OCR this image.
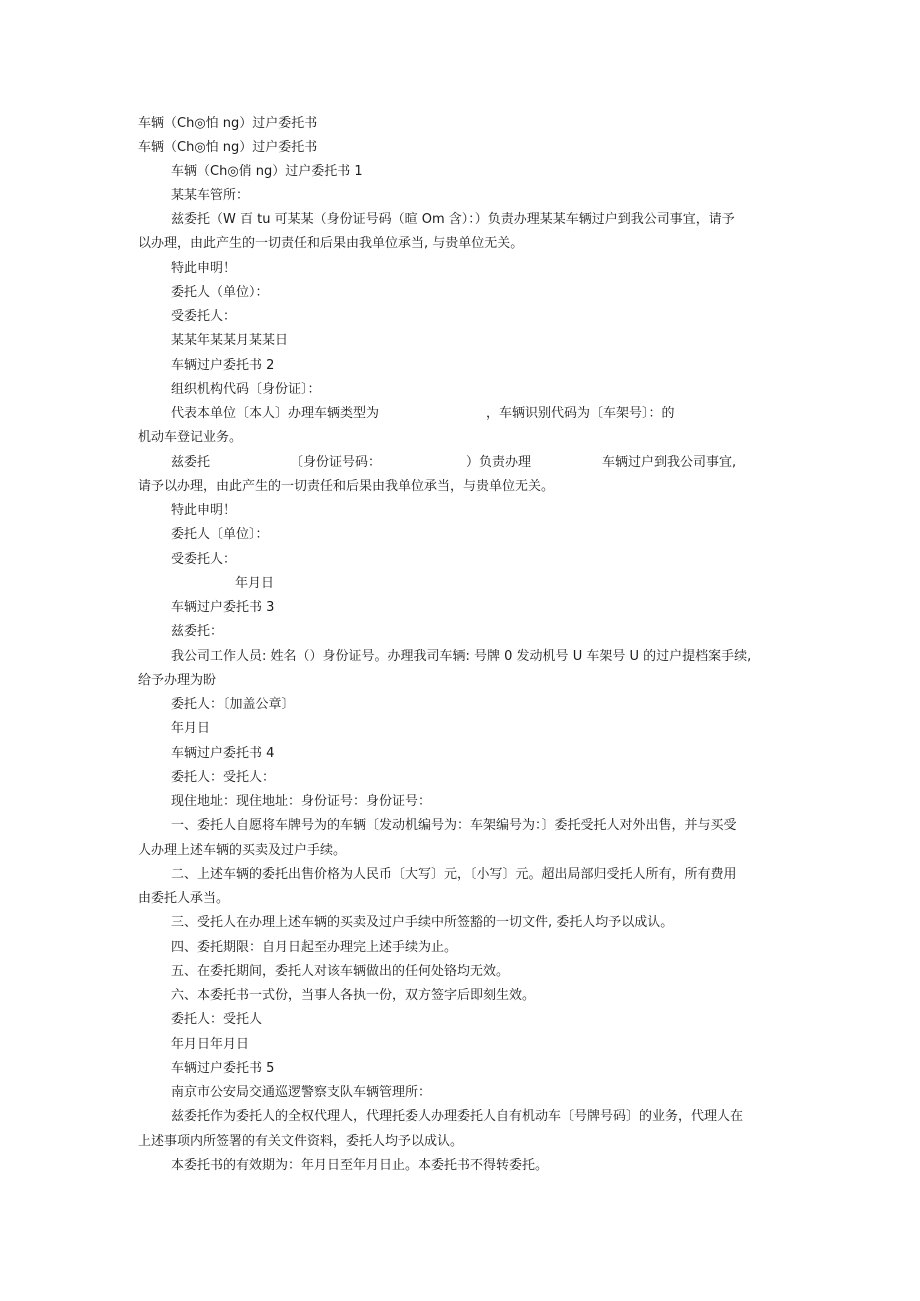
车辆（Ch◎怕 ng）过户委托书
车辆（Ch◎怕 ng）过户委托书
车辆（Ch◎俏 ng）过户委托书 1
某某车管所：
兹委托（W 百 tu 可某某（身份证号码（暄 Om 含）：）负责办理某某车辆过户到我公司事宜，请予
以办理，由此产生的一切责任和后果由我单位承当, 与贵单位无关。
特此申明！
委托人（单位）：
受委托人：
某某年某某月某某日
车辆过户委托书 2
组织机构代码〔身份证〕：
代表本单位〔本人〕办理车辆类型为	，车辆识别代码为〔车架号〕：的
机动车登记业务。
兹委托	〔身份证号码：	）负责办理	车辆过户到我公司事宜,
请予以办理，由此产生的一切责任和后果由我单位承当，与贵单位无关。
特此申明！
委托人〔单位〕：
受委托人：
年月日
车辆过户委托书 3
兹委托：
我公司工作人员: 姓名（）身份证号。办理我司车辆: 号牌 0 发动机号 U 车架号 U 的过户提档案手续,
给予办理为盼
委托人：〔加盖公章〕
年月日
车辆过户委托书 4
委托人：受托人：
现住地址：现住地址：身份证号：身份证号：
一、委托人自愿将车牌号为的车辆〔发动机编号为：车架编号为：〕委托受托人对外出售，并与买受
人办理上述车辆的买卖及过户手续。
二、上述车辆的委托出售价格为人民币〔大写〕元，〔小写〕元。超出局部归受托人所有，所有费用
由委托人承当。
三、受托人在办理上述车辆的买卖及过户手续中所签豁的一切文件, 委托人均予以成认。
四、委托期限：自月日起至办理完上述手续为止。
五、在委托期间，委托人对该车辆做出的任何处铬均无效。
六、本委托书一式份，当事人各执一份，双方签字后即刻生效。
委托人：受托人
年月日年月日
车辆过户委托书 5
南京市公安局交通巡逻警察支队车辆管理所：
兹委托作为委托人的全权代理人，代理托委人办理委托人自有机动车〔号牌号码〕的业务，代理人在
上述事项内所签署的有关文件资料，委托人均予以成认。
本委托书的有效期为：年月日至年月日止。本委托书不得转委托。
